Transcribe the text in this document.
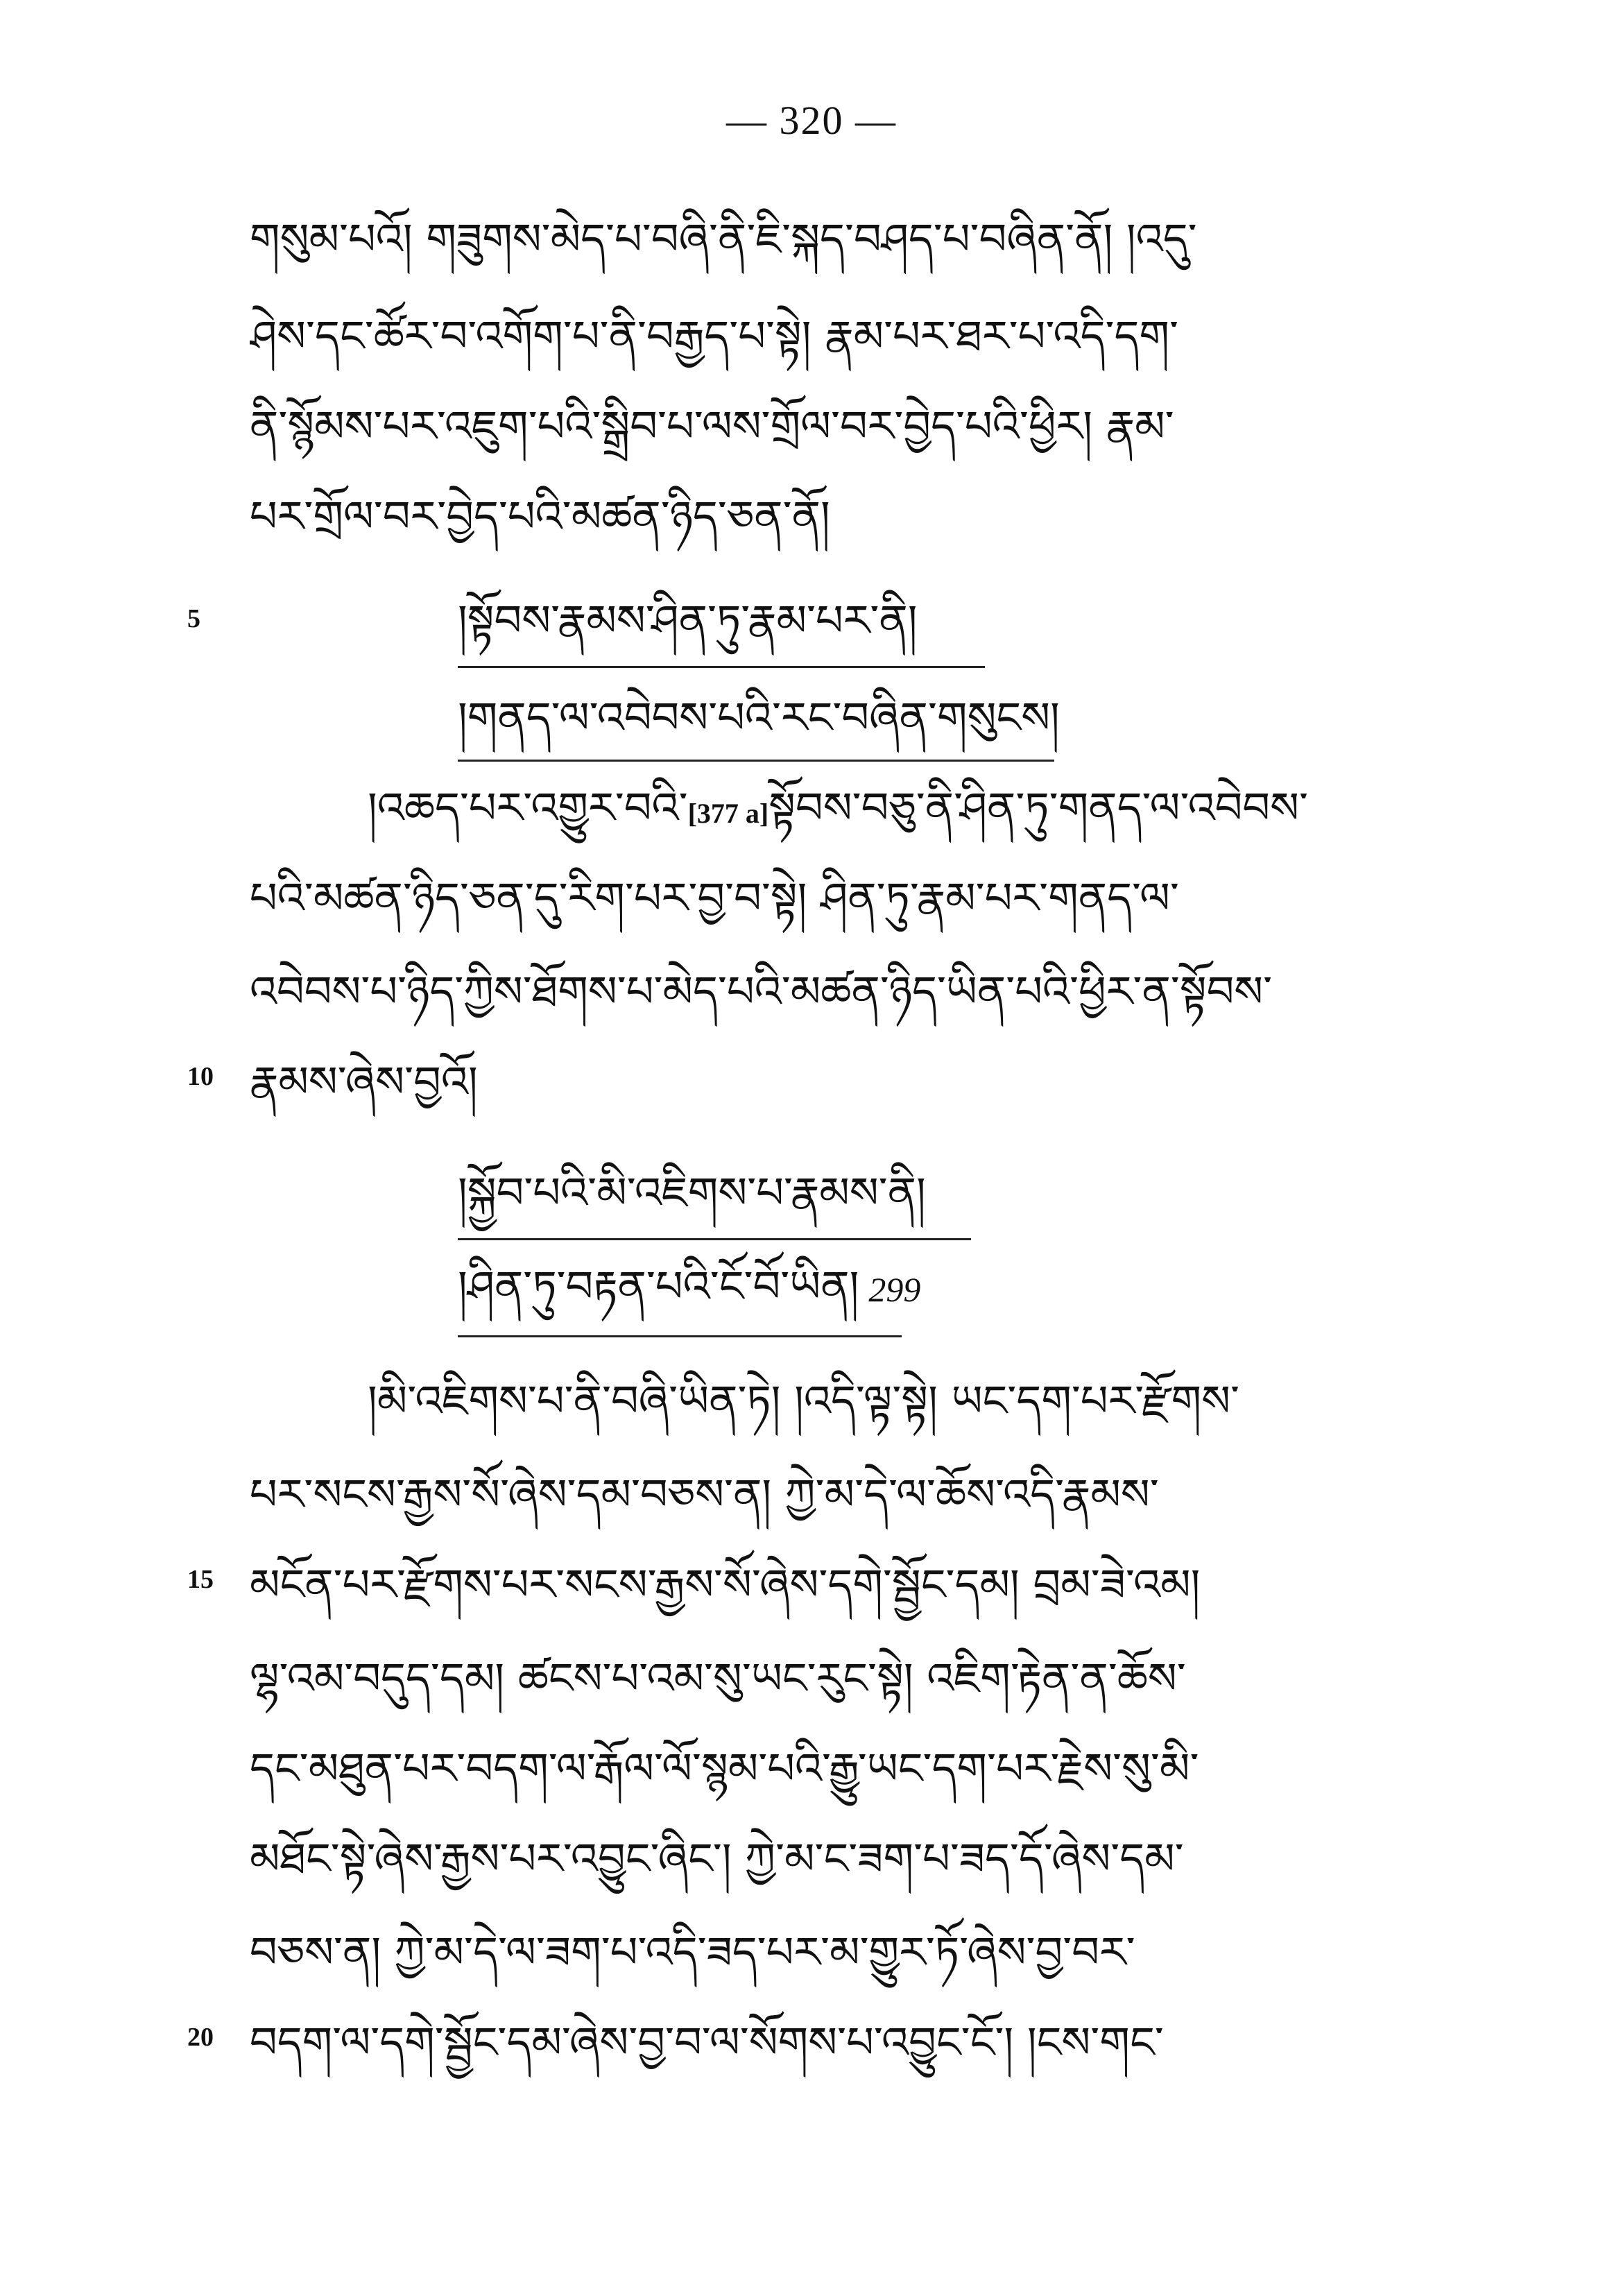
— 320 —
གསུམ་པའོ། གཟུགས་མེད་པ་བཞི་ནི་ཇི་སྐད་བཤད་པ་བཞིན་ནོ། །འདུ་
ཤེས་དང་ཚོར་བ་འགོག་པ་ནི་བརྒྱད་པ་སྟེ། རྣམ་པར་ཐར་པ་འདི་དག་
ནི་སྙོམས་པར་འཇུག་པའི་སྒྲིབ་པ་ལས་གྲོལ་བར་བྱེད་པའི་ཕྱིར། རྣམ་
པར་གྲོལ་བར་བྱེད་པའི་མཚན་ཉིད་ཅན་ནོ།
5	།སྟོབས་རྣམས་ཤིན་ཏུ་རྣམ་པར་ནི།
།གནད་ལ་འབེབས་པའི་རང་བཞིན་གསུངས།
།འཆད་པར་འགྱུར་བའི་[377 a]སྟོབས་བཅུ་ནི་ཤིན་ཏུ་གནད་ལ་འབེབས་
པའི་མཚན་ཉིད་ཅན་དུ་རིག་པར་བྱ་བ་སྟེ། ཤིན་ཏུ་རྣམ་པར་གནད་ལ་
འབེབས་པ་ཉིད་ཀྱིས་ཐོགས་པ་མེད་པའི་མཚན་ཉིད་ཡིན་པའི་ཕྱིར་ན་སྟོབས་
10 རྣམས་ཞེས་བྱའོ།
།སྐྱོབ་པའི་མི་འཇིགས་པ་རྣམས་ནི།
།ཤིན་ཏུ་བརྟན་པའི་ངོ་བོ་ཡིན། 299
།མི་འཇིགས་པ་ནི་བཞི་ཡིན་ཏེ། །འདི་ལྟ་སྟེ། ཡང་དག་པར་རྫོགས་
པར་སངས་རྒྱས་སོ་ཞེས་དམ་བཅས་ན། ཀྱེ་མ་དེ་ལ་ཆོས་འདི་རྣམས་
15 མངོན་པར་རྫོགས་པར་སངས་རྒྱས་སོ་ཞེས་དགེ་སྦྱོང་དམ། བྲམ་ཟེ་འམ།
ལྷ་འམ་བདུད་དམ། ཚངས་པ་འམ་སུ་ཡང་རུང་སྟེ། འཇིག་རྟེན་ན་ཆོས་
དང་མཐུན་པར་བདག་ལ་རྒོལ་ལོ་སྙམ་པའི་རྒྱུ་ཡང་དག་པར་རྗེས་སུ་མི་
མཐོང་སྟེ་ཞེས་རྒྱས་པར་འབྱུང་ཞིང་། ཀྱེ་མ་ང་ཟག་པ་ཟད་དོ་ཞེས་དམ་
བཅས་ན། ཀྱེ་མ་དེ་ལ་ཟག་པ་འདི་ཟད་པར་མ་གྱུར་ཏོ་ཞེས་བྱ་བར་
20 བདག་ལ་དགེ་སྦྱོང་དམ་ཞེས་བྱ་བ་ལ་སོགས་པ་འབྱུང་ངོ་། །ངས་གང་
